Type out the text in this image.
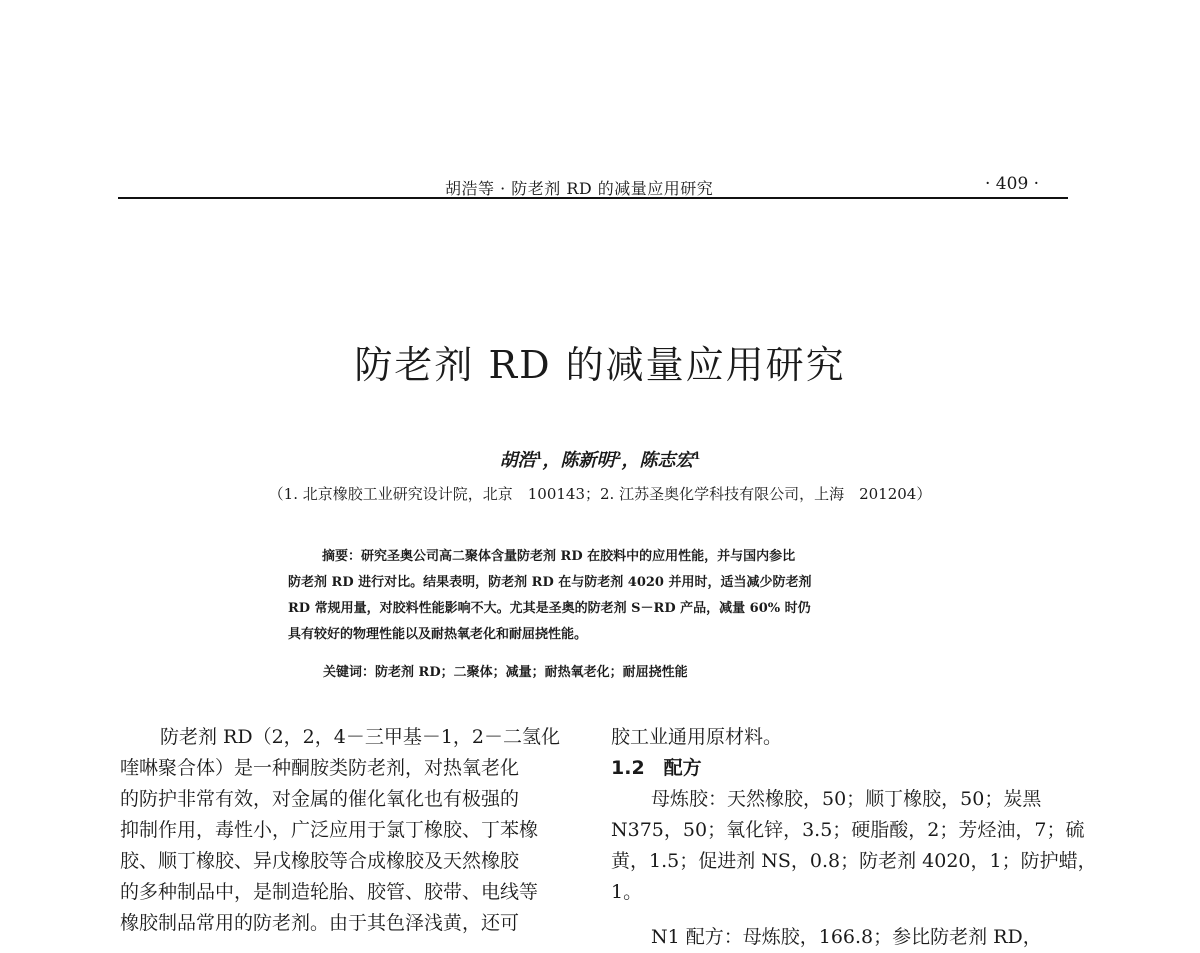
胡浩等 · 防老剂 RD 的减量应用研究	· 409 ·
防老剂 RD 的减量应用研究
胡浩$^1$，陈新明$^2$，陈志宏$^1$
（1. 北京橡胶工业研究设计院，北京　100143；2. 江苏圣奥化学科技有限公司，上海　201204）
摘要：研究圣奥公司高二聚体含量防老剂 RD 在胶料中的应用性能，并与国内参比
防老剂 RD 进行对比。结果表明，防老剂 RD 在与防老剂 4020 并用时，适当减少防老剂
RD 常规用量，对胶料性能影响不大。尤其是圣奥的防老剂 S－RD 产品，减量 60% 时仍
具有较好的物理性能以及耐热氧老化和耐屈挠性能。
关键词：防老剂 RD；二聚体；减量；耐热氧老化；耐屈挠性能
防老剂 RD（2，2，4－三甲基－1，2－二氢化
喹啉聚合体）是一种酮胺类防老剂，对热氧老化
的防护非常有效，对金属的催化氧化也有极强的
抑制作用，毒性小，广泛应用于氯丁橡胶、丁苯橡
胶、顺丁橡胶、异戊橡胶等合成橡胶及天然橡胶
的多种制品中，是制造轮胎、胶管、胶带、电线等
橡胶制品常用的防老剂。由于其色泽浅黄，还可
胶工业通用原材料。
1.2　配方
母炼胶：天然橡胶，50；顺丁橡胶，50；炭黑
N375，50；氧化锌，3.5；硬脂酸，2；芳烃油，7；硫
黄，1.5；促进剂 NS，0.8；防老剂 4020，1；防护蜡，
1。
N1 配方：母炼胶，166.8；参比防老剂 RD，
